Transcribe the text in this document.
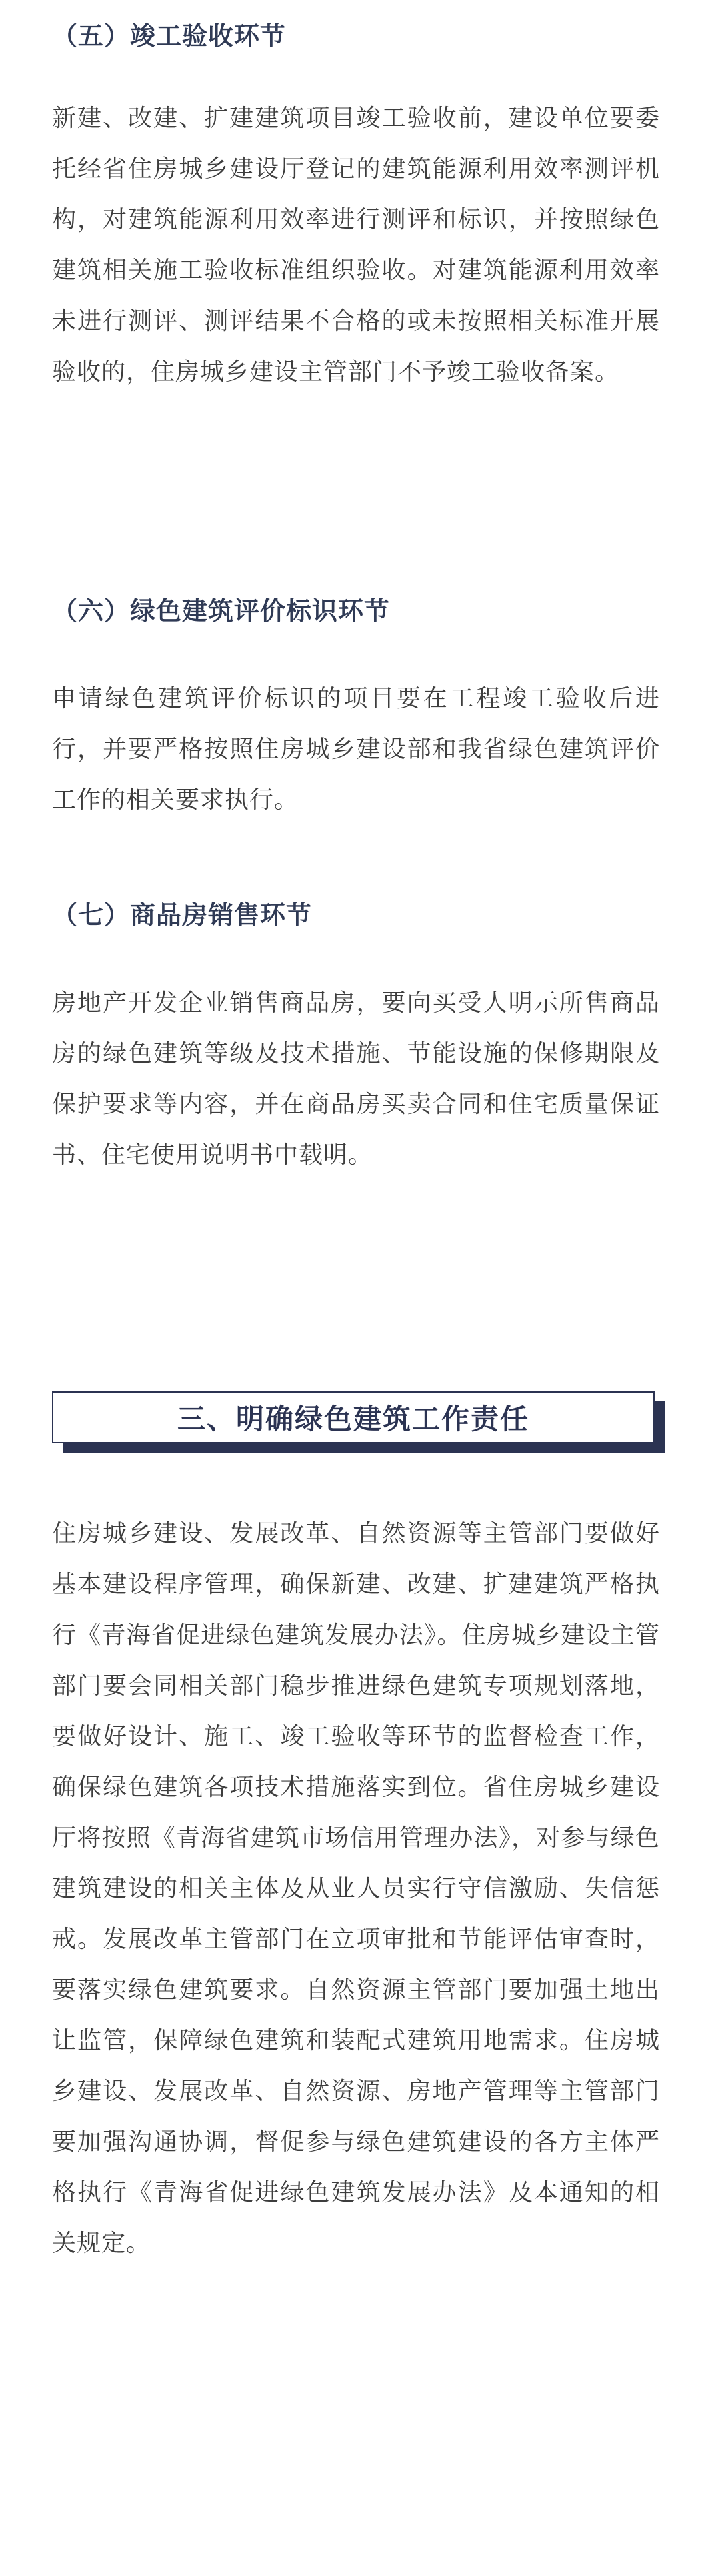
（五）竣工验收环节

新建、改建、扩建建筑项目竣工验收前，建设单位要委托经省住房城乡建设厅登记的建筑能源利用效率测评机构，对建筑能源利用效率进行测评和标识，并按照绿色建筑相关施工验收标准组织验收。对建筑能源利用效率未进行测评、测评结果不合格的或未按照相关标准开展验收的，住房城乡建设主管部门不予竣工验收备案。

（六）绿色建筑评价标识环节

申请绿色建筑评价标识的项目要在工程竣工验收后进行，并要严格按照住房城乡建设部和我省绿色建筑评价工作的相关要求执行。

（七）商品房销售环节

房地产开发企业销售商品房，要向买受人明示所售商品房的绿色建筑等级及技术措施、节能设施的保修期限及保护要求等内容，并在商品房买卖合同和住宅质量保证书、住宅使用说明书中载明。

三、明确绿色建筑工作责任

住房城乡建设、发展改革、自然资源等主管部门要做好基本建设程序管理，确保新建、改建、扩建建筑严格执行《青海省促进绿色建筑发展办法》。住房城乡建设主管部门要会同相关部门稳步推进绿色建筑专项规划落地，要做好设计、施工、竣工验收等环节的监督检查工作，确保绿色建筑各项技术措施落实到位。省住房城乡建设厅将按照《青海省建筑市场信用管理办法》，对参与绿色建筑建设的相关主体及从业人员实行守信激励、失信惩戒。发展改革主管部门在立项审批和节能评估审查时，要落实绿色建筑要求。自然资源主管部门要加强土地出让监管，保障绿色建筑和装配式建筑用地需求。住房城乡建设、发展改革、自然资源、房地产管理等主管部门要加强沟通协调，督促参与绿色建筑建设的各方主体严格执行《青海省促进绿色建筑发展办法》及本通知的相关规定。
